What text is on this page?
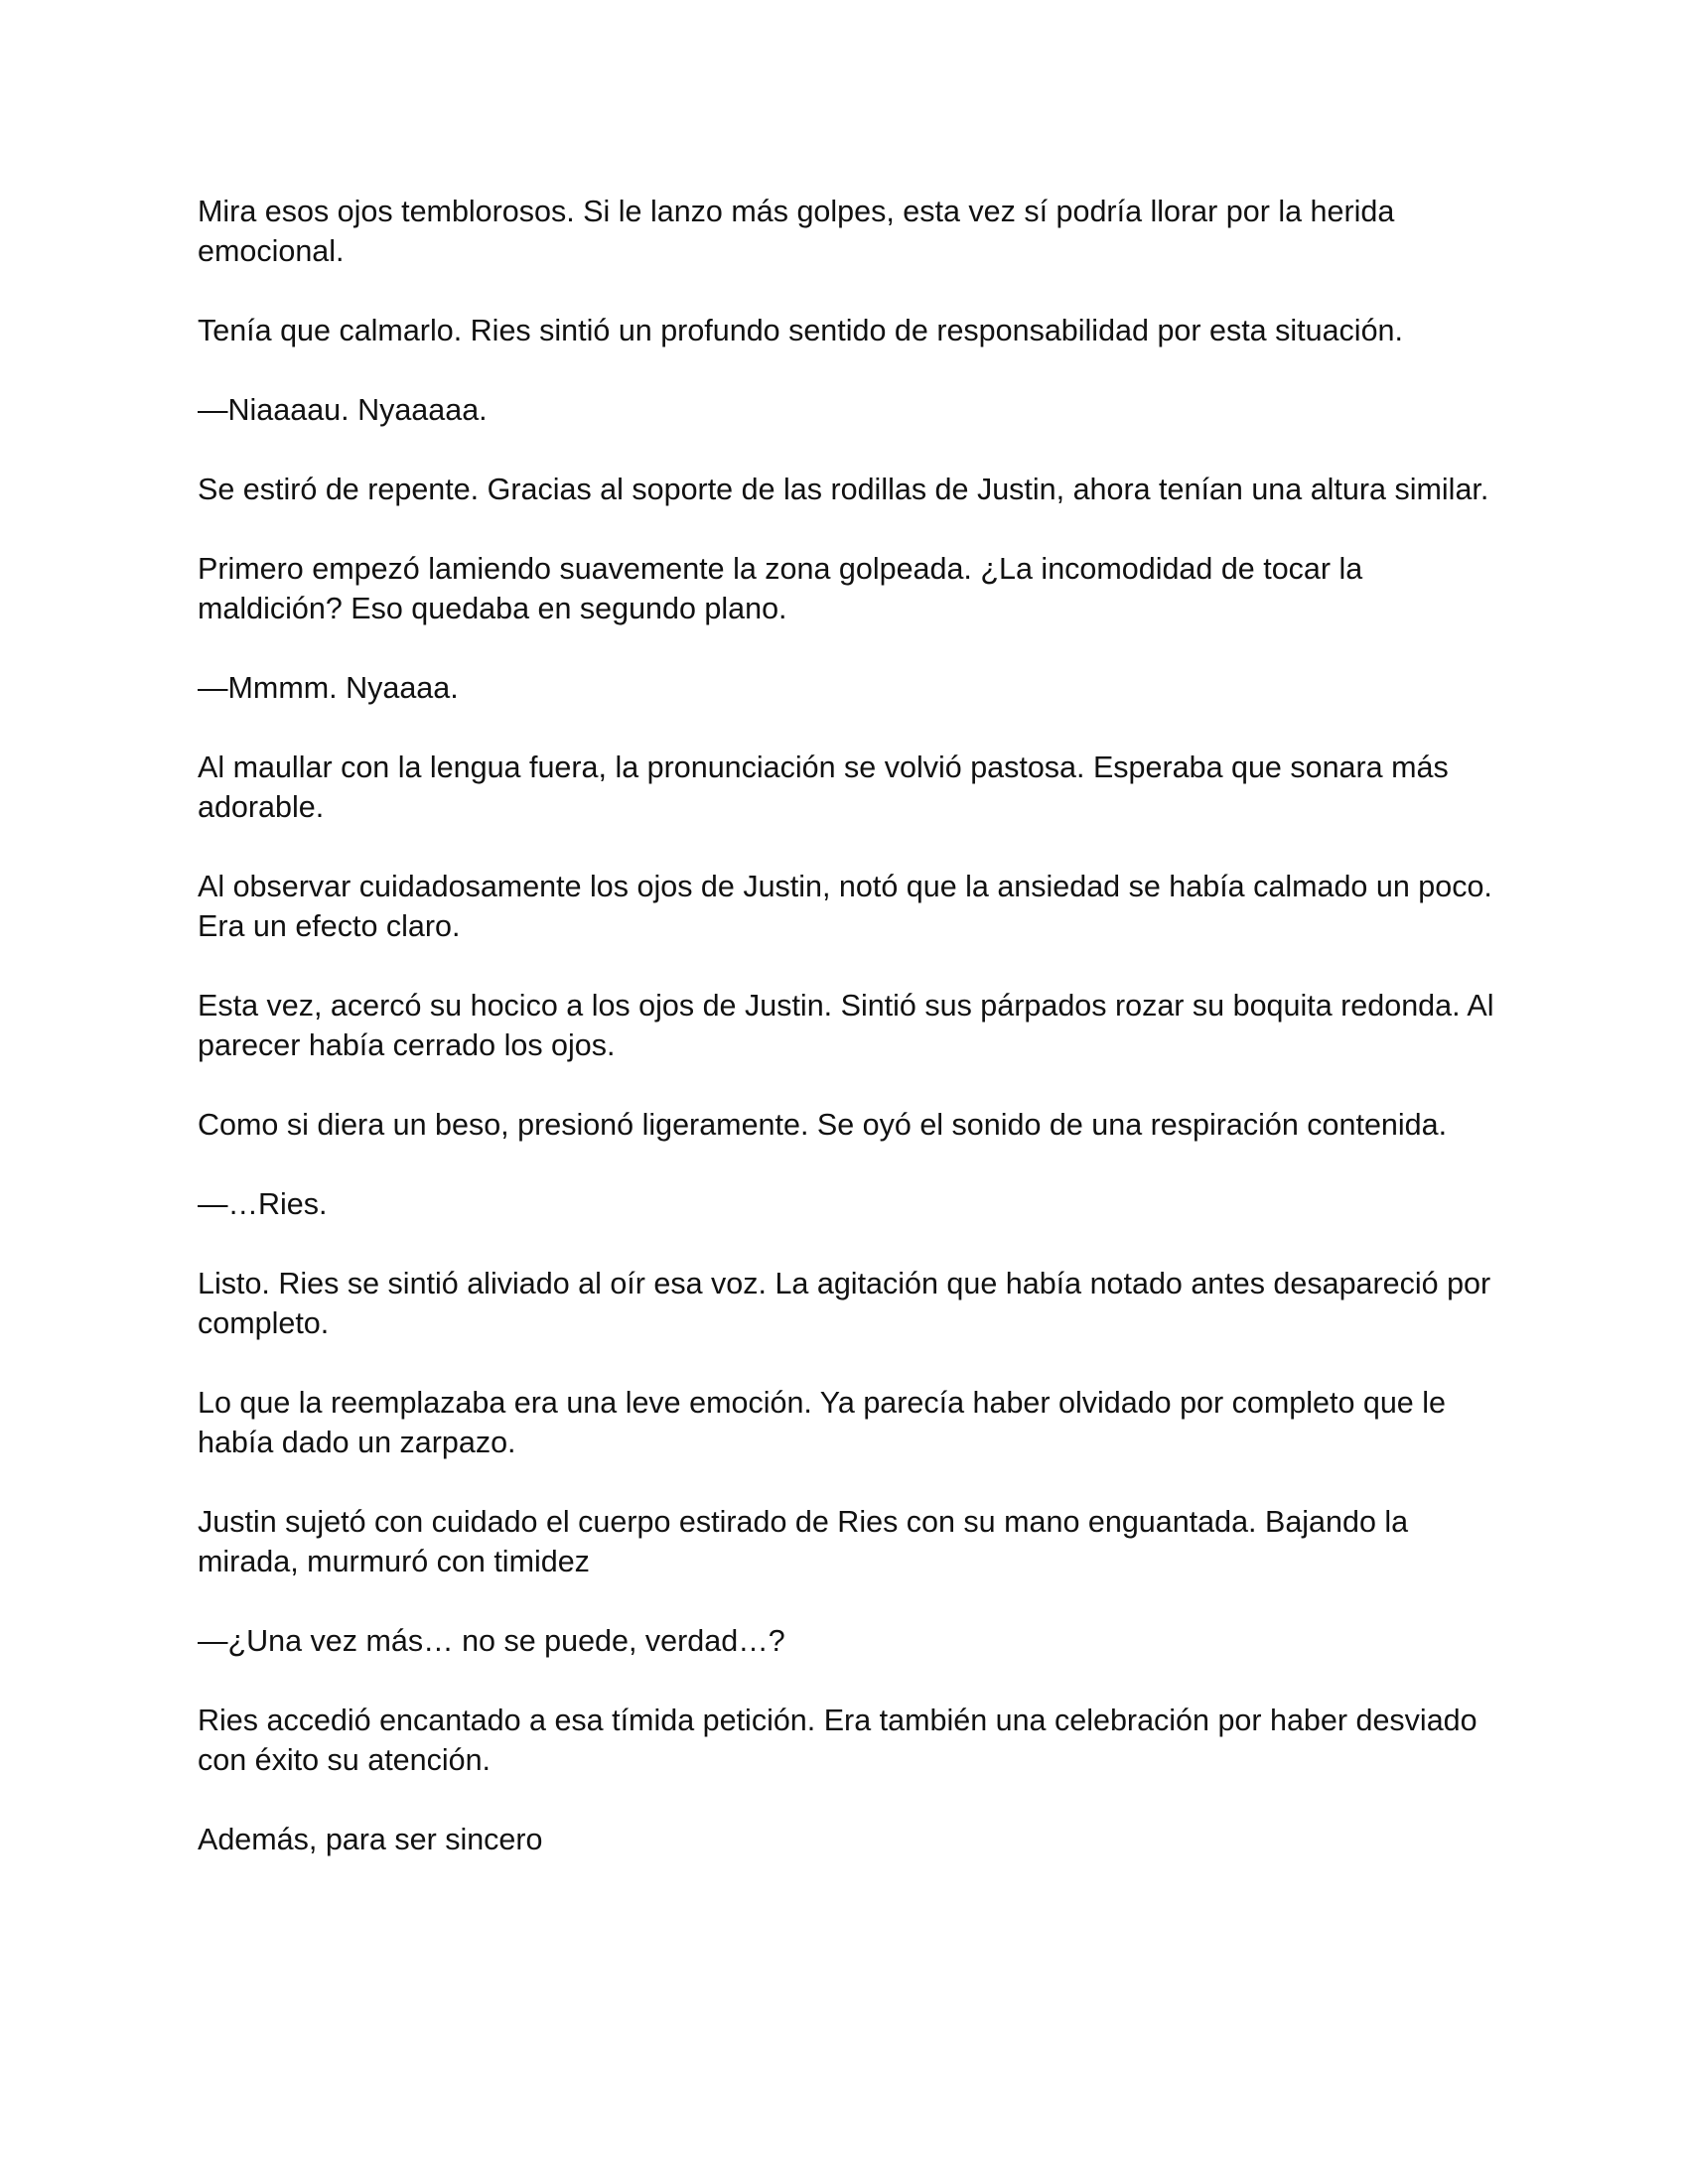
Mira esos ojos temblorosos. Si le lanzo más golpes, esta vez sí podría llorar por la herida emocional.

Tenía que calmarlo. Ries sintió un profundo sentido de responsabilidad por esta situación.

—Niaaaau. Nyaaaaa.

Se estiró de repente. Gracias al soporte de las rodillas de Justin, ahora tenían una altura similar.

Primero empezó lamiendo suavemente la zona golpeada. ¿La incomodidad de tocar la maldición? Eso quedaba en segundo plano.

—Mmmm. Nyaaaa.

Al maullar con la lengua fuera, la pronunciación se volvió pastosa. Esperaba que sonara más adorable.

Al observar cuidadosamente los ojos de Justin, notó que la ansiedad se había calmado un poco. Era un efecto claro.

Esta vez, acercó su hocico a los ojos de Justin. Sintió sus párpados rozar su boquita redonda. Al parecer había cerrado los ojos.

Como si diera un beso, presionó ligeramente. Se oyó el sonido de una respiración contenida.

—…Ries.

Listo. Ries se sintió aliviado al oír esa voz. La agitación que había notado antes desapareció por completo.

Lo que la reemplazaba era una leve emoción. Ya parecía haber olvidado por completo que le había dado un zarpazo.

Justin sujetó con cuidado el cuerpo estirado de Ries con su mano enguantada. Bajando la mirada, murmuró con timidez

—¿Una vez más… no se puede, verdad…?

Ries accedió encantado a esa tímida petición. Era también una celebración por haber desviado con éxito su atención.

Además, para ser sincero
